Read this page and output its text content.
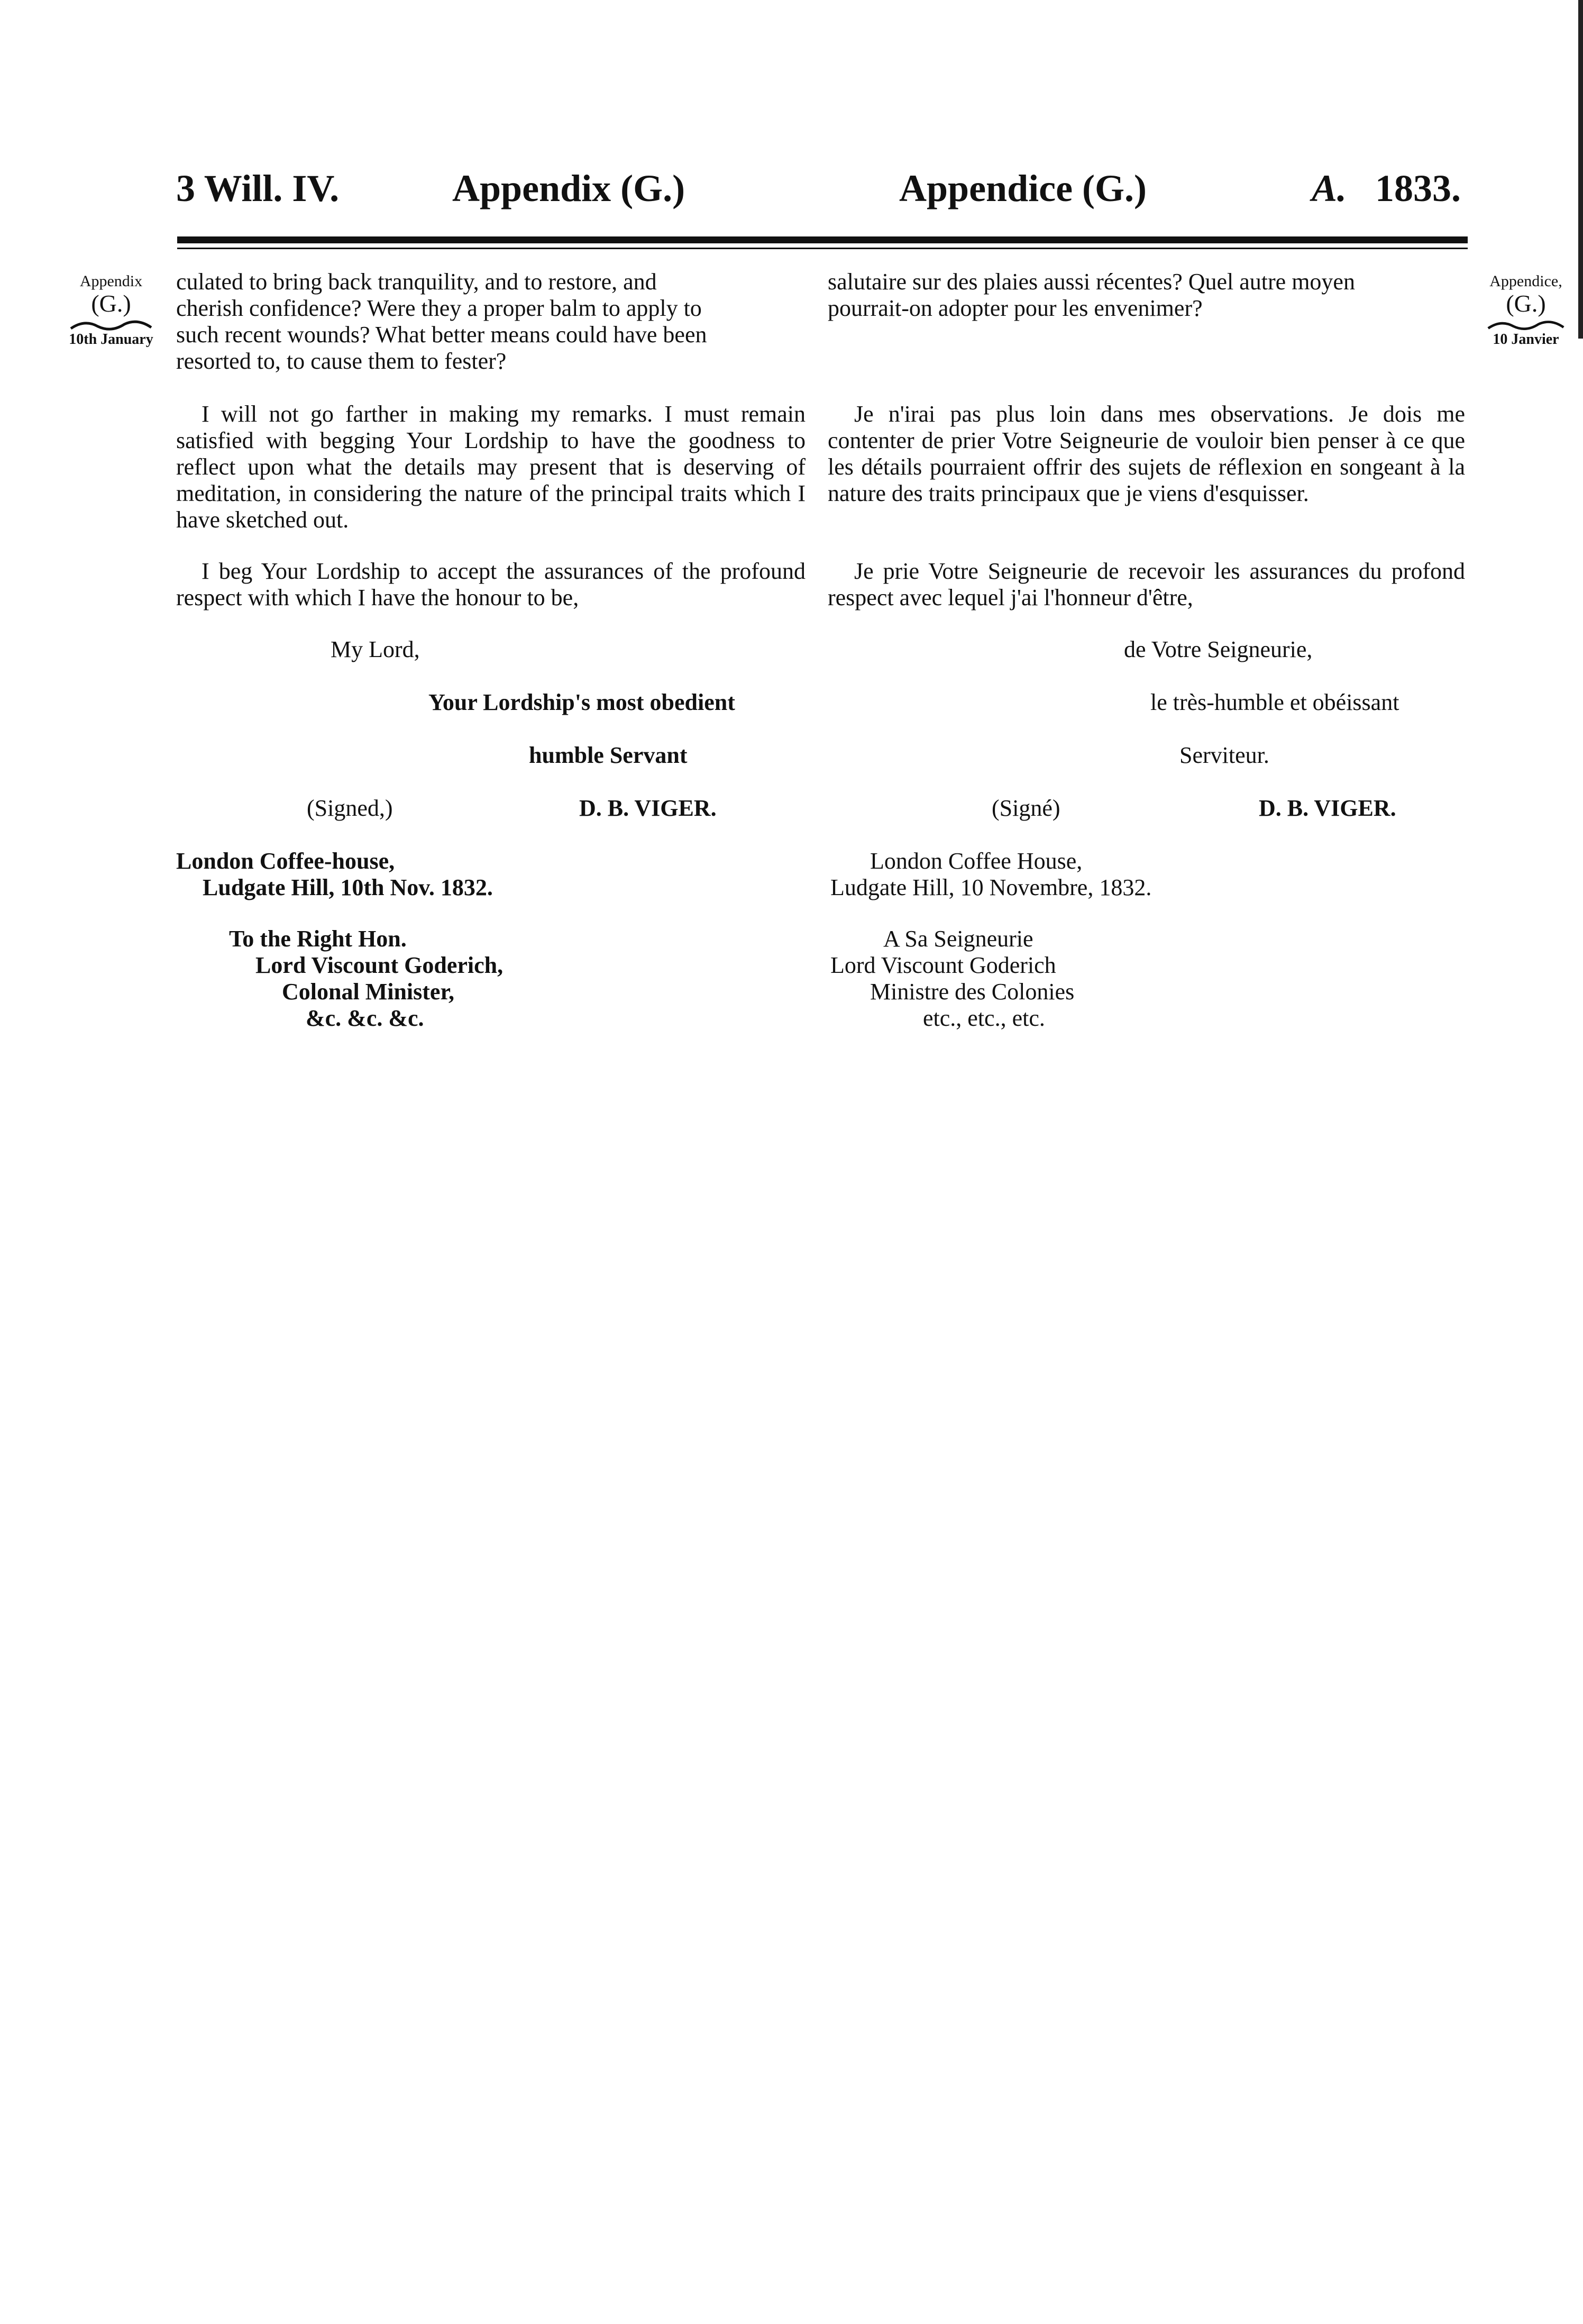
3 Will. IV.	Appendix (G.)	Appendice (G.)	A. 1833.
Appendix
(G.)
10th January
Appendice,
(G.)
10 Janvier
culated to bring back tranquility, and to restore, and
cherish confidence? Were they a proper balm to apply to
such recent wounds? What better means could have been
resorted to, to cause them to fester?

I will not go farther in making my remarks. I must remain satisfied with begging Your Lordship to have the goodness to reflect upon what the details may present that is deserving of meditation, in considering the nature of the principal traits which I have sketched out.

I beg Your Lordship to accept the assurances of the profound respect with which I have the honour to be,

My Lord,
Your Lordship's most obedient
humble Servant
(Signed,)	D. B. VIGER.
London Coffee-house,
Ludgate Hill, 10th Nov. 1832.
To the Right Hon.
Lord Viscount Goderich,
Colonal Minister,
&c. &c. &c.
salutaire sur des plaies aussi récentes? Quel autre moyen
pourrait-on adopter pour les envenimer?

Je n'irai pas plus loin dans mes observations. Je dois me contenter de prier Votre Seigneurie de vouloir bien penser à ce que les détails pourraient offrir des sujets de réflexion en songeant à la nature des traits principaux que je viens d'esquisser.

Je prie Votre Seigneurie de recevoir les assurances du profond respect avec lequel j'ai l'honneur d'être,

de Votre Seigneurie,
le très-humble et obéissant
Serviteur.
(Signé)	D. B. VIGER.
London Coffee House,
Ludgate Hill, 10 Novembre, 1832.
A Sa Seigneurie
Lord Viscount Goderich
Ministre des Colonies
etc., etc., etc.
